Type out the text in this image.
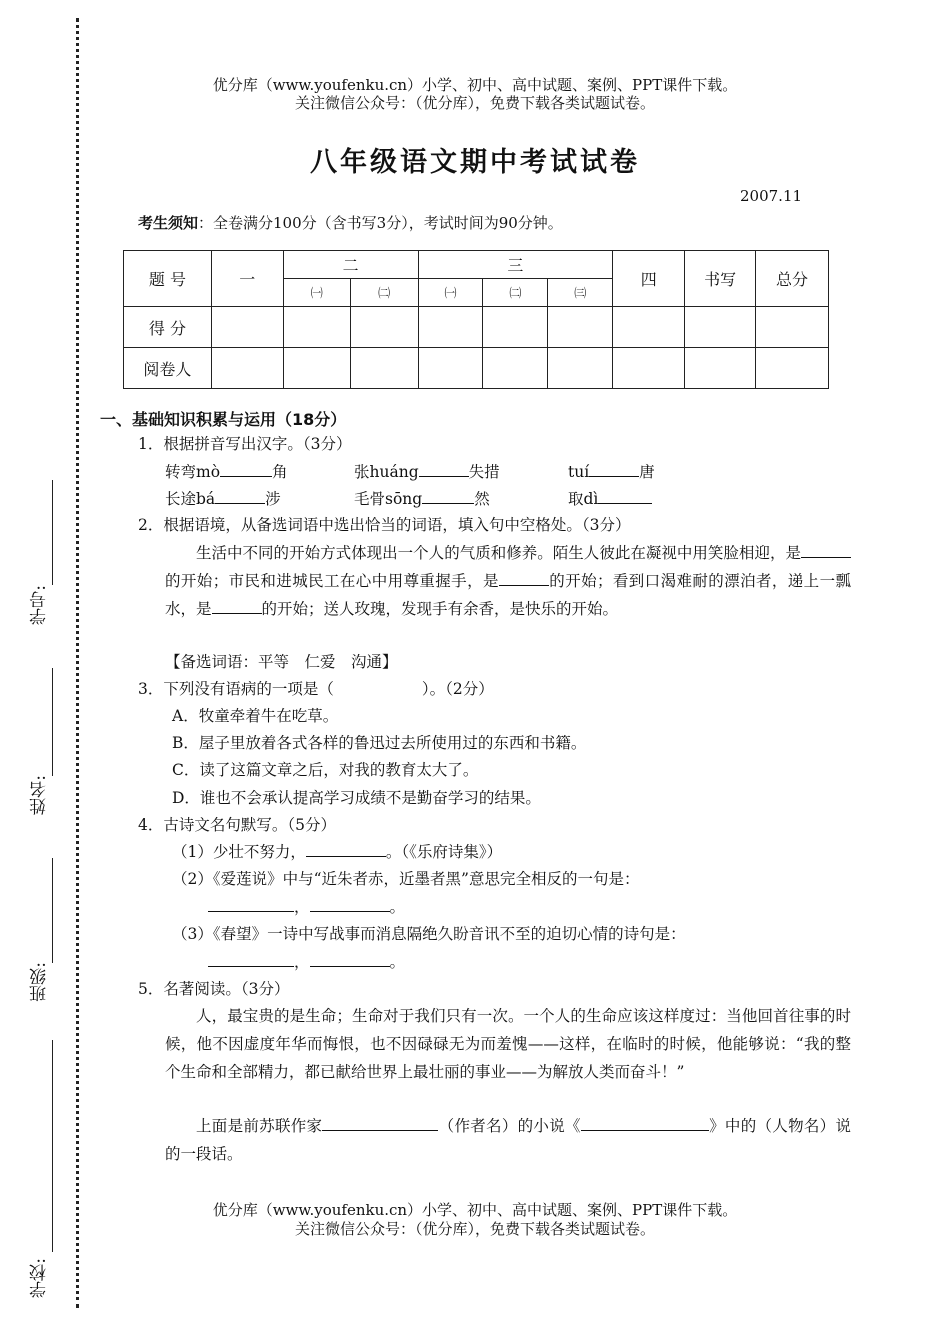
学号:
姓名:
班级:
学校:
优分库（www.youfenku.cn）小学、初中、高中试题、案例、PPT课件下载。
关注微信公众号：（优分库），免费下载各类试题试卷。
八年级语文期中考试试卷
2007.11
考生须知：全卷满分100分（含书写3分），考试时间为90分钟。
题 号	一	二		三			四	书写	总分
		㈠	㈡	㈠	㈡	㈢			
得 分									
阅卷人									
一、基础知识积累与运用（18分）
1．根据拼音写出汉字。（3分）
转弯mò	角	张huáng	失措	tuí	唐
长途bá	涉	毛骨sōng	然	取dì
2．根据语境，从备选词语中选出恰当的词语，填入句中空格处。（3分）
生活中不同的开始方式体现出一个人的气质和修养。陌生人彼此在凝视中用笑脸相迎，是的开始；市民和进城民工在心中用尊重握手，是	的开始；看到口渴难耐的漂泊者，递上一瓢水，是	的开始；送人玫瑰，发现手有余香，是快乐的开始。
【备选词语：平等　仁爱　沟通】
3．下列没有语病的一项是（	）。（2分）
A．牧童牵着牛在吃草。
B．屋子里放着各式各样的鲁迅过去所使用过的东西和书籍。
C．读了这篇文章之后，对我的教育太大了。
D．谁也不会承认提高学习成绩不是勤奋学习的结果。
4．古诗文名句默写。（5分）
（1）少壮不努力，	。（《乐府诗集》）
（2）《爱莲说》中与“近朱者赤，近墨者黑”意思完全相反的一句是：
，	。
（3）《春望》一诗中写战事而消息隔绝久盼音讯不至的迫切心情的诗句是：
，	。
5．名著阅读。（3分）
人，最宝贵的是生命；生命对于我们只有一次。一个人的生命应该这样度过：当他回首往事的时候，他不因虚度年华而悔恨，也不因碌碌无为而羞愧——这样，在临时的时候，他能够说：“我的整个生命和全部精力，都已献给世界上最壮丽的事业——为解放人类而奋斗！”
上面是前苏联作家	（作者名）的小说《	》中的（人物名）说的一段话。
优分库（www.youfenku.cn）小学、初中、高中试题、案例、PPT课件下载。
关注微信公众号：（优分库），免费下载各类试题试卷。
